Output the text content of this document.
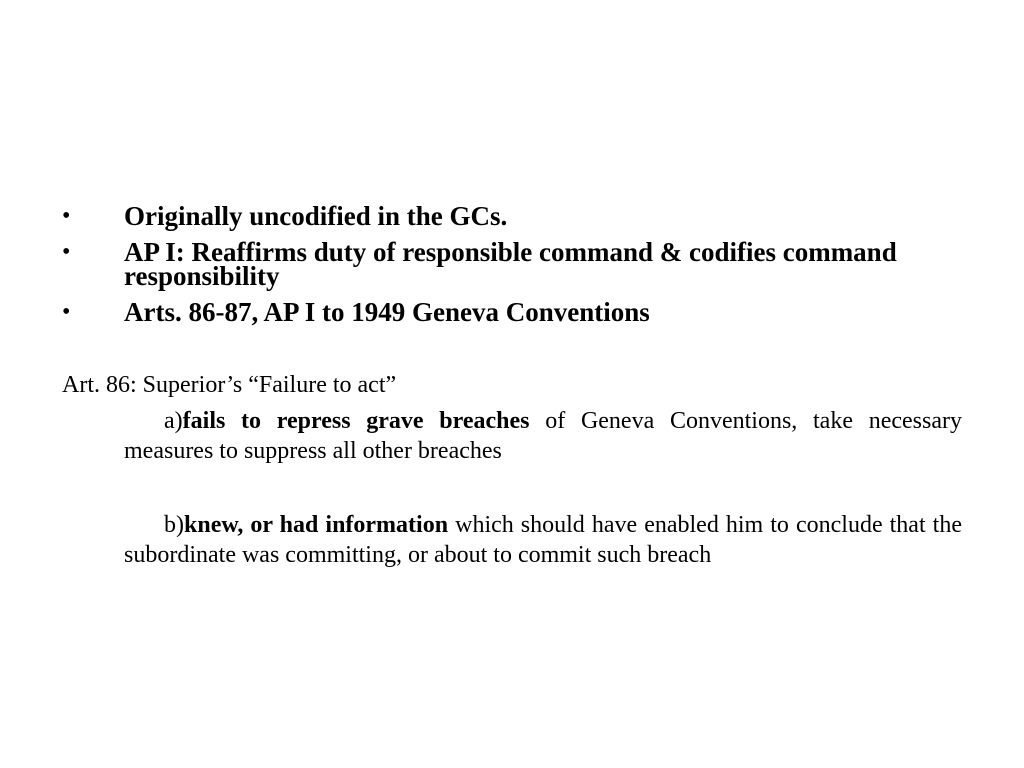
•	Originally uncodified in the GCs.
•	AP I: Reaffirms duty of responsible command & codifies command responsibility
•	Arts. 86-87, AP I to 1949 Geneva Conventions

Art. 86: Superior’s “Failure to act”

a)fails to repress grave breaches of Geneva Conventions, take necessary measures to suppress all other breaches

b)knew, or had information which should have enabled him to conclude that the subordinate was committing, or about to commit such breach
